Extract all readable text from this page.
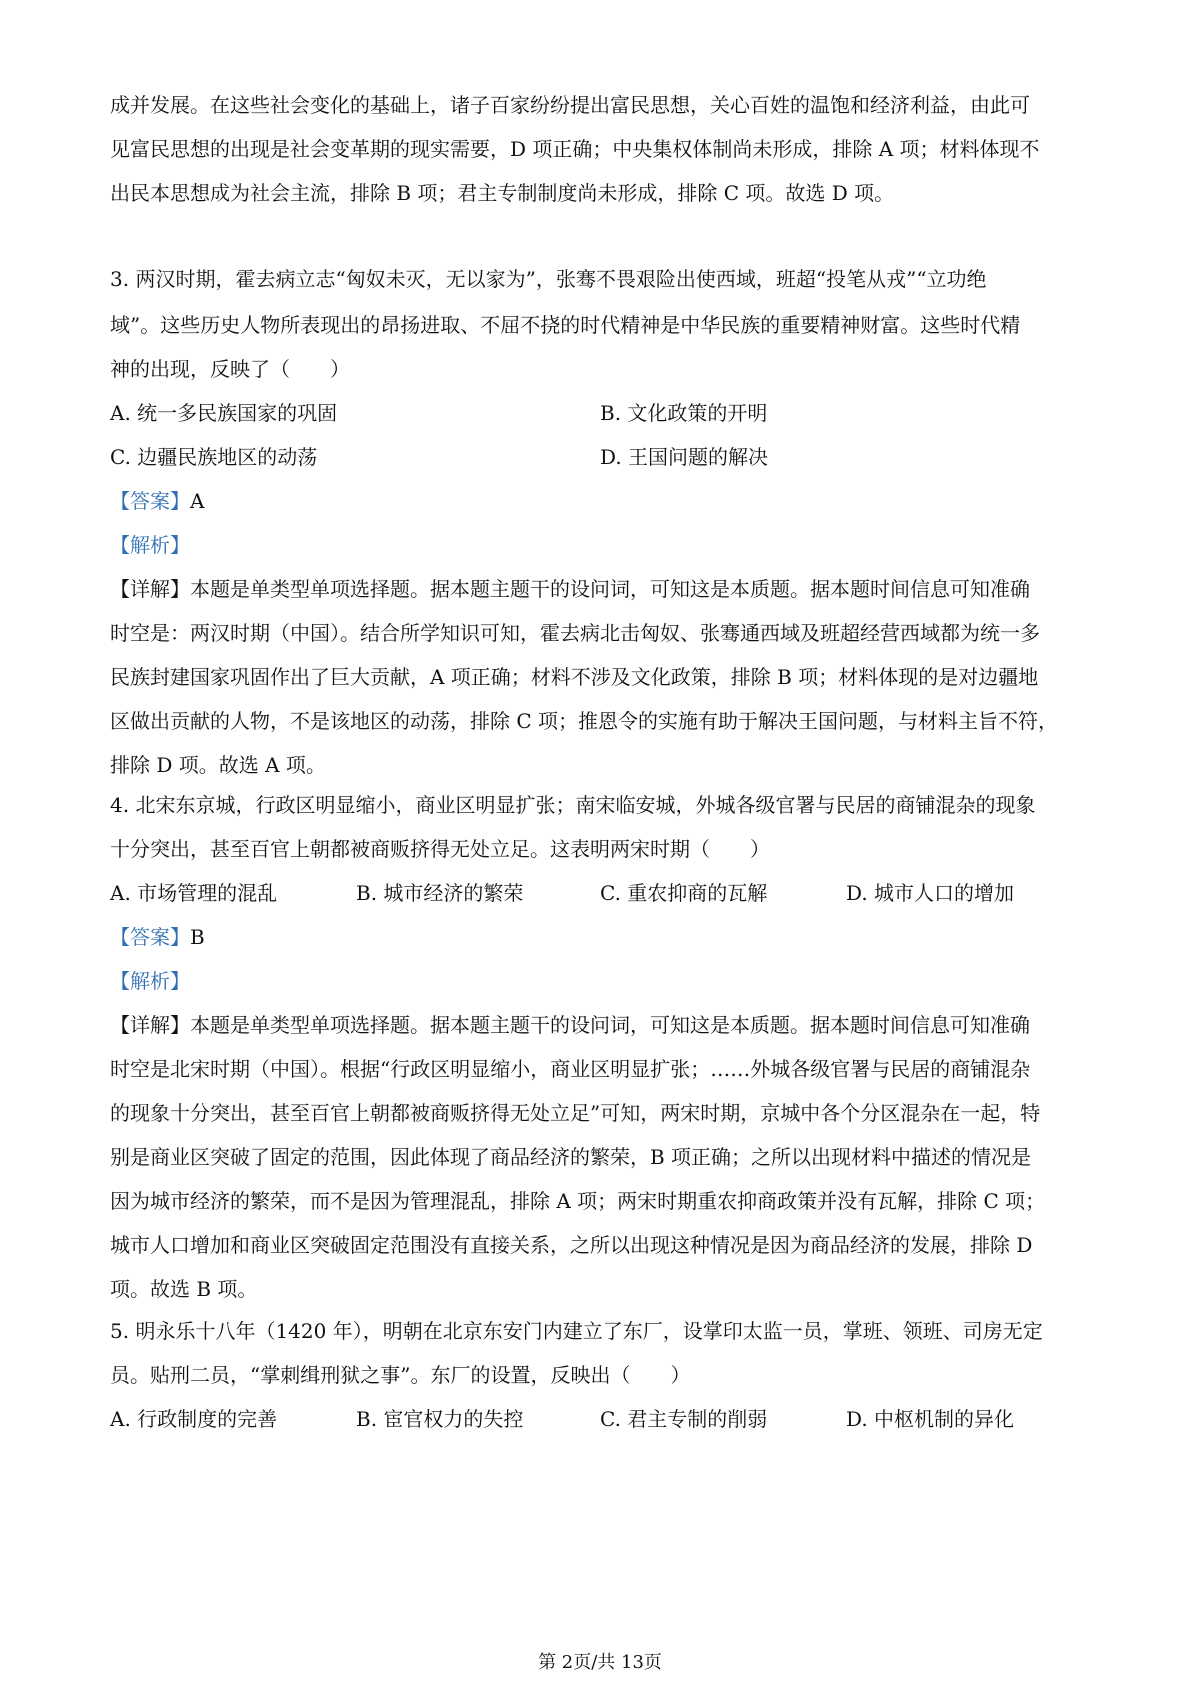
成并发展。在这些社会变化的基础上，诸子百家纷纷提出富民思想，关心百姓的温饱和经济利益，由此可
见富民思想的出现是社会变革期的现实需要，D 项正确；中央集权体制尚未形成，排除 A 项；材料体现不
出民本思想成为社会主流，排除 B 项；君主专制制度尚未形成，排除 C 项。故选 D 项。
3. 两汉时期，霍去病立志“匈奴未灭，无以家为”，张骞不畏艰险出使西域，班超“投笔从戎”“立功绝
域”。这些历史人物所表现出的昂扬进取、不屈不挠的时代精神是中华民族的重要精神财富。这些时代精
神的出现，反映了（　　）
A. 统一多民族国家的巩固	B. 文化政策的开明
C. 边疆民族地区的动荡	D. 王国问题的解决
【答案】A
【解析】
【详解】本题是单类型单项选择题。据本题主题干的设问词，可知这是本质题。据本题时间信息可知准确
时空是：两汉时期（中国）。结合所学知识可知，霍去病北击匈奴、张骞通西域及班超经营西域都为统一多
民族封建国家巩固作出了巨大贡献，A 项正确；材料不涉及文化政策，排除 B 项；材料体现的是对边疆地
区做出贡献的人物，不是该地区的动荡，排除 C 项；推恩令的实施有助于解决王国问题，与材料主旨不符，
排除 D 项。故选 A 项。
4. 北宋东京城，行政区明显缩小，商业区明显扩张；南宋临安城，外城各级官署与民居的商铺混杂的现象
十分突出，甚至百官上朝都被商贩挤得无处立足。这表明两宋时期（　　）
A. 市场管理的混乱	B. 城市经济的繁荣	C. 重农抑商的瓦解	D. 城市人口的增加
【答案】B
【解析】
【详解】本题是单类型单项选择题。据本题主题干的设问词，可知这是本质题。据本题时间信息可知准确
时空是北宋时期（中国）。根据“行政区明显缩小，商业区明显扩张；……外城各级官署与民居的商铺混杂
的现象十分突出，甚至百官上朝都被商贩挤得无处立足”可知，两宋时期，京城中各个分区混杂在一起，特
别是商业区突破了固定的范围，因此体现了商品经济的繁荣，B 项正确；之所以出现材料中描述的情况是
因为城市经济的繁荣，而不是因为管理混乱，排除 A 项；两宋时期重农抑商政策并没有瓦解，排除 C 项；
城市人口增加和商业区突破固定范围没有直接关系，之所以出现这种情况是因为商品经济的发展，排除 D
项。故选 B 项。
5. 明永乐十八年（1420 年），明朝在北京东安门内建立了东厂，设掌印太监一员，掌班、领班、司房无定
员。贴刑二员，“掌刺缉刑狱之事”。东厂的设置，反映出（　　）
A. 行政制度的完善	B. 宦官权力的失控	C. 君主专制的削弱	D. 中枢机制的异化
第 2页/共 13页
